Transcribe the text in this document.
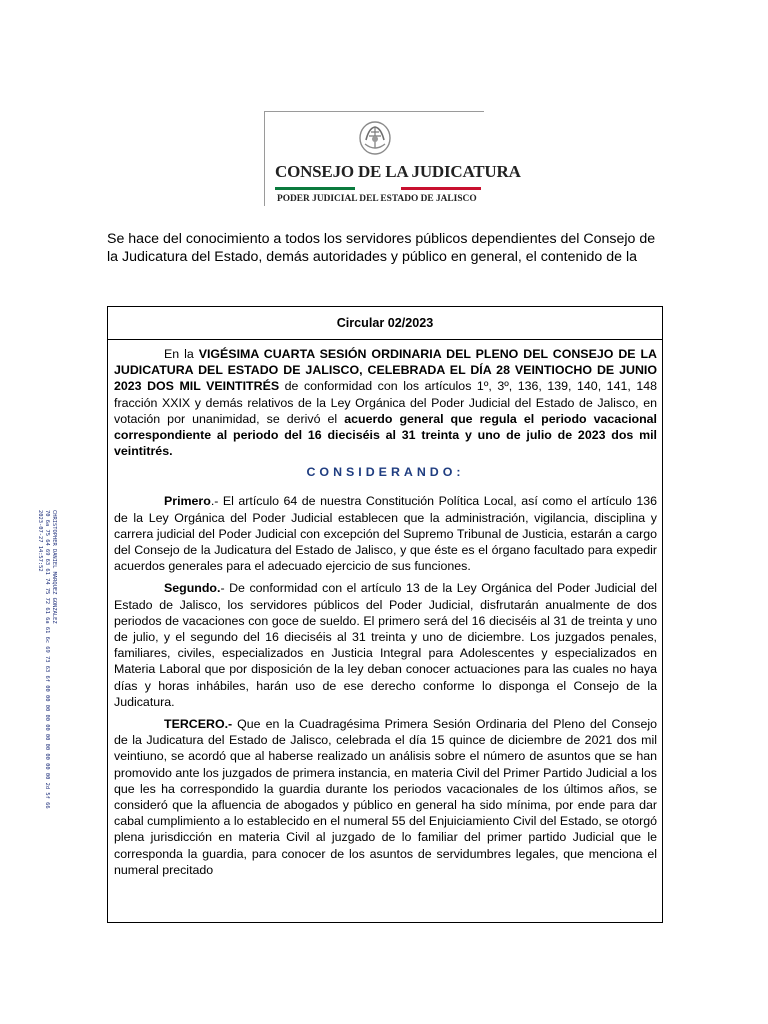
CONSEJO DE LA JUDICATURA
PODER JUDICIAL DEL ESTADO DE JALISCO
Se hace del conocimiento a todos los servidores públicos dependientes del Consejo de la Judicatura del Estado, demás autoridades y público en general, el contenido de la
CHRISTOPHER DANIEL MARQUEZ GONZALEZ
70 6a 75 64 69 63 61 74 75 72 61 6a 61 6c 69 73 63 6f 00 00 00 00 00 00 00 00 00 00 2d 5f 66
2023-07-27 14:57:52
Circular 02/2023

En la VIGÉSIMA CUARTA SESIÓN ORDINARIA DEL PLENO DEL CONSEJO DE LA JUDICATURA DEL ESTADO DE JALISCO, CELEBRADA EL DÍA 28 VEINTIOCHO DE JUNIO 2023 DOS MIL VEINTITRÉS de conformidad con los artículos 1º, 3º, 136, 139, 140, 141, 148 fracción XXIX y demás relativos de la Ley Orgánica del Poder Judicial del Estado de Jalisco, en votación por unanimidad, se derivó el acuerdo general que regula el periodo vacacional correspondiente al periodo del 16 dieciséis al 31 treinta y uno de julio de 2023 dos mil veintitrés.

CONSIDERANDO:

Primero.- El artículo 64 de nuestra Constitución Política Local, así como el artículo 136 de la Ley Orgánica del Poder Judicial establecen que la administración, vigilancia, disciplina y carrera judicial del Poder Judicial con excepción del Supremo Tribunal de Justicia, estarán a cargo del Consejo de la Judicatura del Estado de Jalisco, y que éste es el órgano facultado para expedir acuerdos generales para el adecuado ejercicio de sus funciones.

Segundo.- De conformidad con el artículo 13 de la Ley Orgánica del Poder Judicial del Estado de Jalisco, los servidores públicos del Poder Judicial, disfrutarán anualmente de dos periodos de vacaciones con goce de sueldo. El primero será del 16 dieciséis al 31 de treinta y uno de julio, y el segundo del 16 dieciséis al 31 treinta y uno de diciembre. Los juzgados penales, familiares, civiles, especializados en Justicia Integral para Adolescentes y especializados en Materia Laboral que por disposición de la ley deban conocer actuaciones para las cuales no haya días y horas inhábiles, harán uso de ese derecho conforme lo disponga el Consejo de la Judicatura.

TERCERO.- Que en la Cuadragésima Primera Sesión Ordinaria del Pleno del Consejo de la Judicatura del Estado de Jalisco, celebrada el día 15 quince de diciembre de 2021 dos mil veintiuno, se acordó que al haberse realizado un análisis sobre el número de asuntos que se han promovido ante los juzgados de primera instancia, en materia Civil del Primer Partido Judicial a los que les ha correspondido la guardia durante los periodos vacacionales de los últimos años, se consideró que la afluencia de abogados y público en general ha sido mínima, por ende para dar cabal cumplimiento a lo establecido en el numeral 55 del Enjuiciamiento Civil del Estado, se otorgó plena jurisdicción en materia Civil al juzgado de lo familiar del primer partido Judicial que le corresponda la guardia, para conocer de los asuntos de servidumbres legales, que menciona el numeral precitado
